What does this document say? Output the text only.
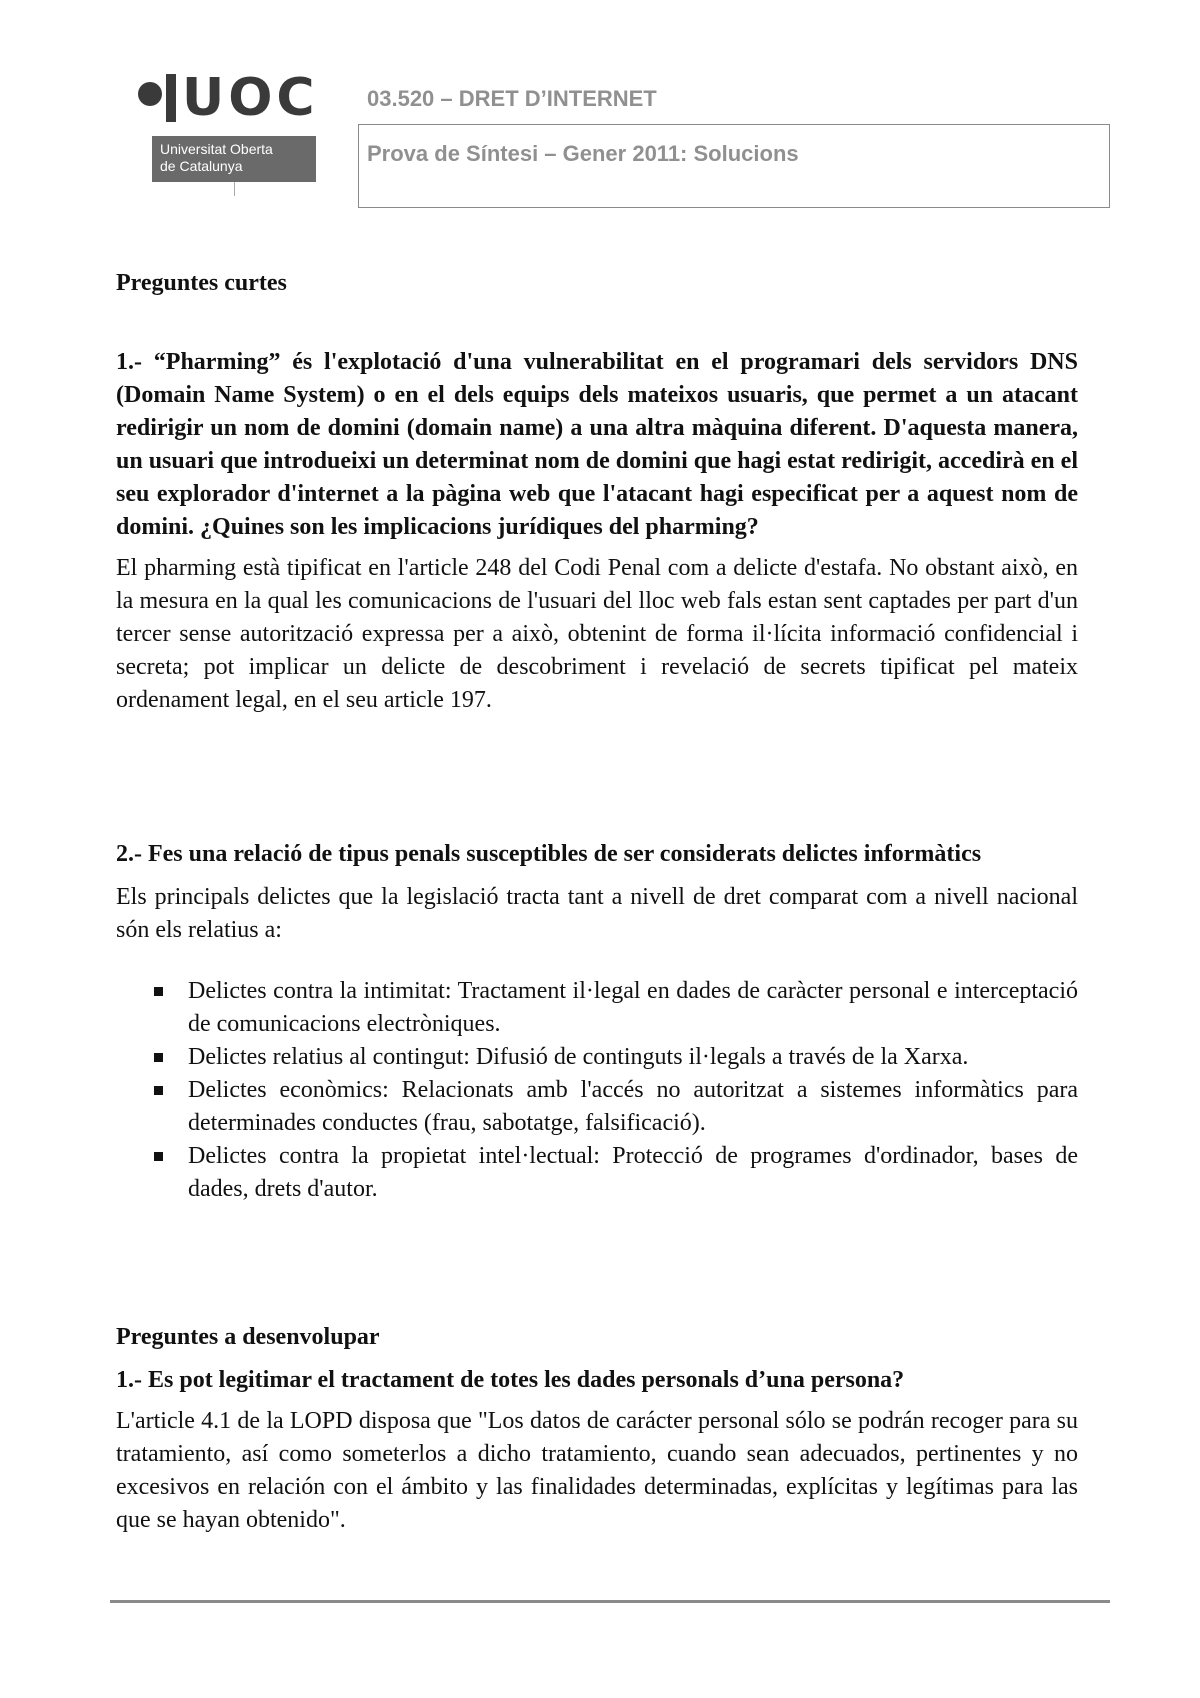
UOC
Universitat Oberta
de Catalunya
03.520 – DRET D’INTERNET
Prova de Síntesi – Gener 2011: Solucions

Preguntes curtes

1.- “Pharming” és l'explotació d'una vulnerabilitat en el programari dels servidors DNS (Domain Name System) o en el dels equips dels mateixos usuaris, que permet a un atacant redirigir un nom de domini (domain name) a una altra màquina diferent. D'aquesta manera, un usuari que introdueixi un determinat nom de domini que hagi estat redirigit, accedirà en el seu explorador d'internet a la pàgina web que l'atacant hagi especificat per a aquest nom de domini. ¿Quines son les implicacions jurídiques del pharming?

El pharming està tipificat en l'article 248 del Codi Penal com a delicte d'estafa. No obstant això, en la mesura en la qual les comunicacions de l'usuari del lloc web fals estan sent captades per part d'un tercer sense autorització expressa per a això, obtenint de forma il·lícita informació confidencial i secreta; pot implicar un delicte de descobriment i revelació de secrets tipificat pel mateix ordenament legal, en el seu article 197.

2.- Fes una relació de tipus penals susceptibles de ser considerats delictes informàtics

Els principals delictes que la legislació tracta tant a nivell de dret comparat com a nivell nacional són els relatius a:

Delictes contra la intimitat: Tractament il·legal en dades de caràcter personal e interceptació de comunicacions electròniques.
Delictes relatius al contingut: Difusió de continguts il·legals a través de la Xarxa.
Delictes econòmics: Relacionats amb l'accés no autoritzat a sistemes informàtics para determinades conductes (frau, sabotatge, falsificació).
Delictes contra la propietat intel·lectual: Protecció de programes d'ordinador, bases de dades, drets d'autor.

Preguntes a desenvolupar

1.- Es pot legitimar el tractament de totes les dades personals d’una persona?

L'article 4.1 de la LOPD disposa que "Los datos de carácter personal sólo se podrán recoger para su tratamiento, así como someterlos a dicho tratamiento, cuando sean adecuados, pertinentes y no excesivos en relación con el ámbito y las finalidades determinadas, explícitas y legítimas para las que se hayan obtenido".
